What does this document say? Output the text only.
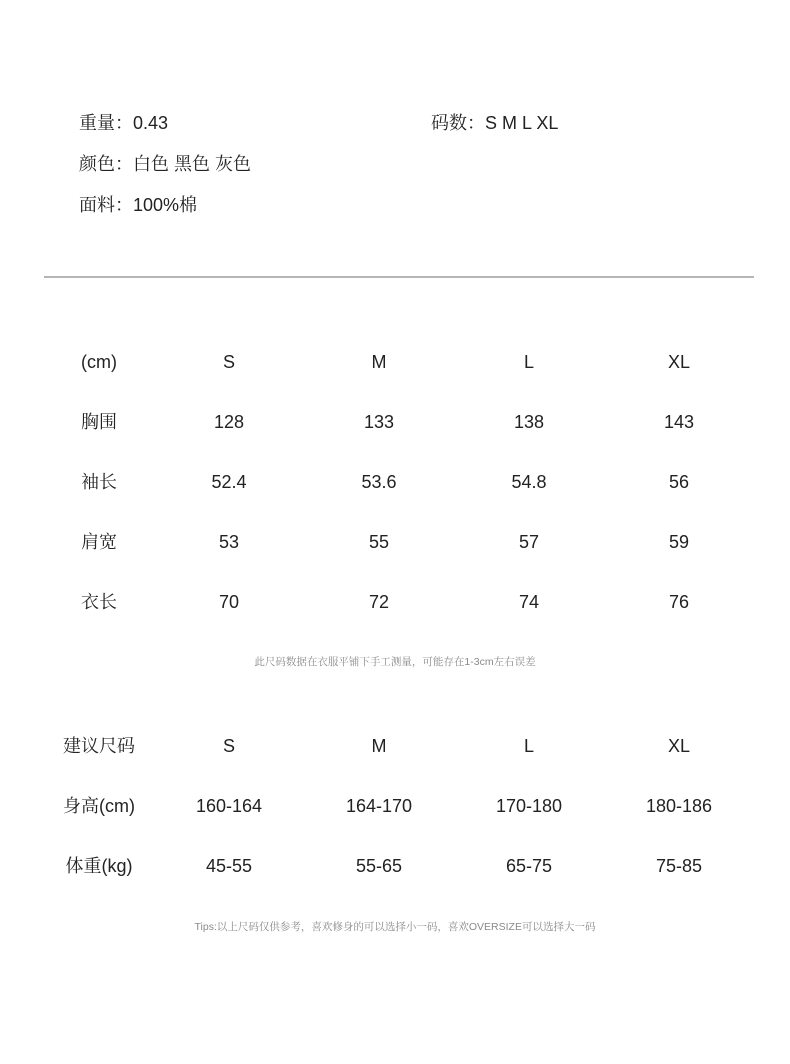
重量：0.43	码数：S M L XL
颜色：白色 黑色 灰色
面料：100%棉
(cm)	S	M	L	XL
胸围	128	133	138	143
袖长	52.4	53.6	54.8	56
肩宽	53	55	57	59
衣长	70	72	74	76
此尺码数据在衣服平铺下手工测量，可能存在1-3cm左右误差
建议尺码	S	M	L	XL
身高(cm)	160-164	164-170	170-180	180-186
体重(kg)	45-55	55-65	65-75	75-85
Tips:以上尺码仅供参考，喜欢修身的可以选择小一码，喜欢OVERSIZE可以选择大一码
